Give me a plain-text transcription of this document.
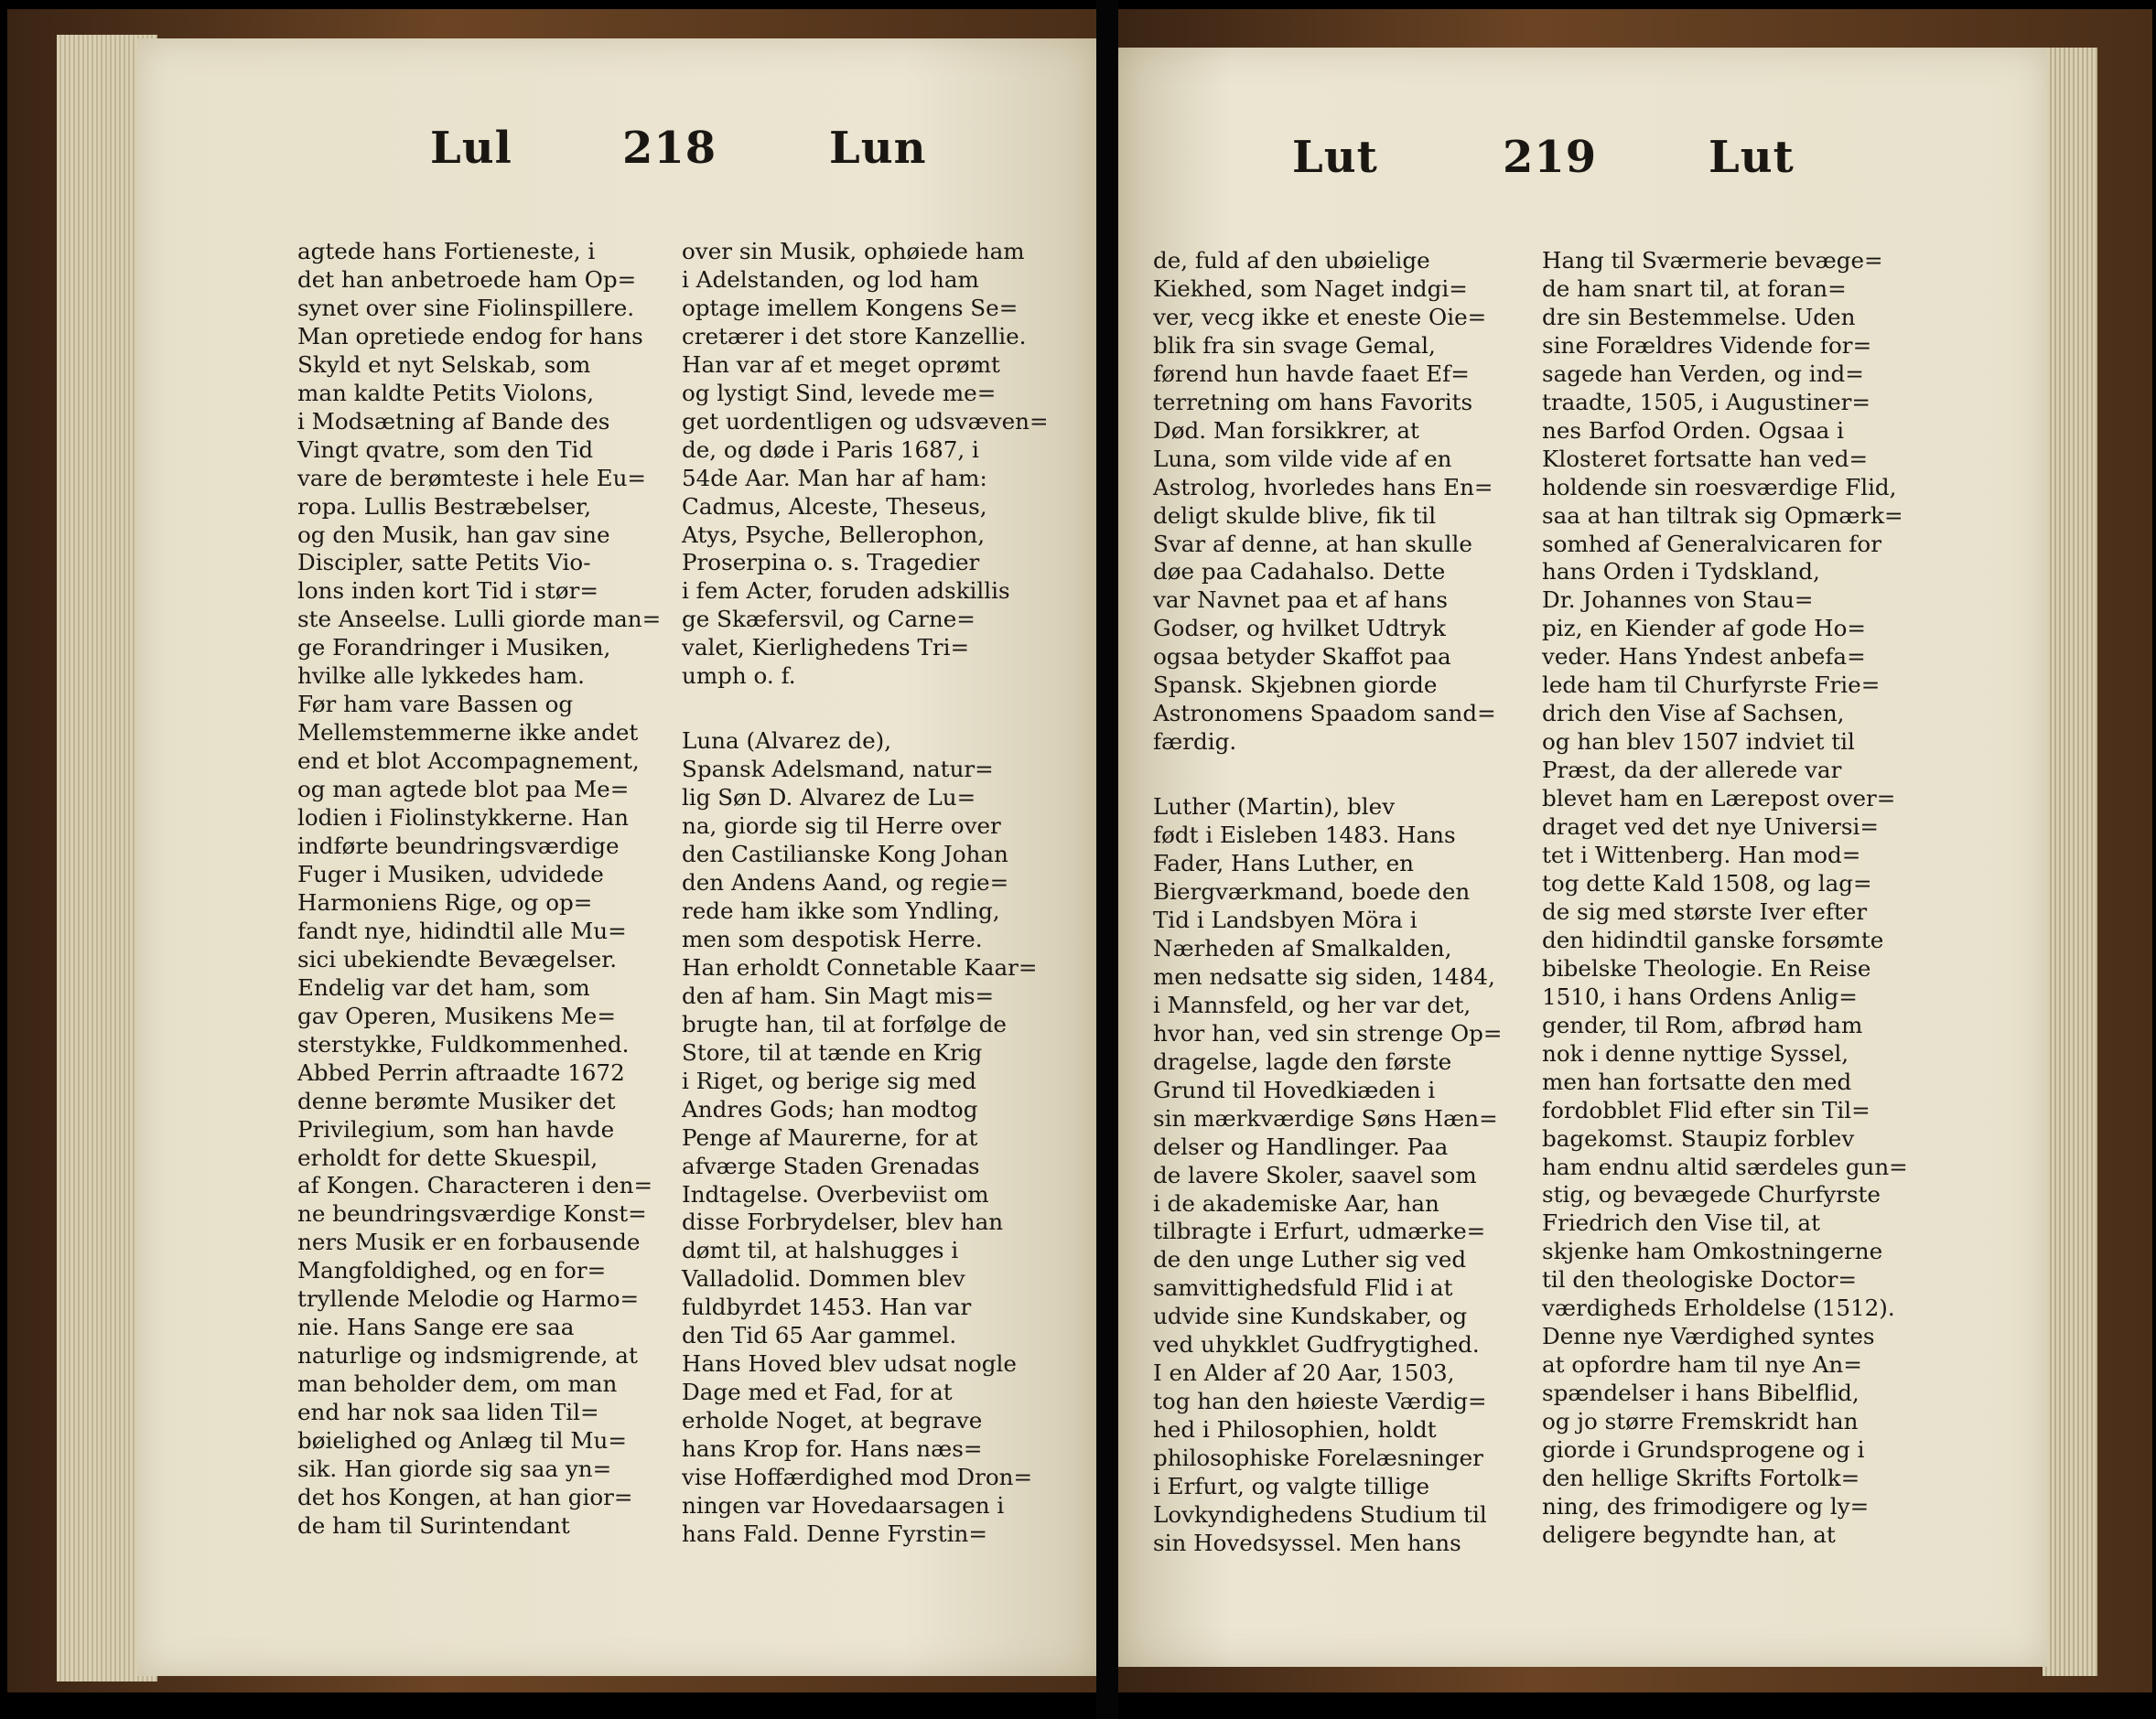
Lul	218	Lun

agtede hans Fortieneste, i

det han anbetroede ham Op=

synet over sine Fiolinspillere.

Man opretiede endog for hans

Skyld et nyt Selskab, som

man kaldte Petits Violons,

i Modsætning af Bande des

Vingt qvatre, som den Tid

vare de berømteste i hele Eu=

ropa. Lullis Bestræbelser,

og den Musik, han gav sine

Discipler, satte Petits Vio-

lons inden kort Tid i stør=

ste Anseelse. Lulli giorde man=

ge Forandringer i Musiken,

hvilke alle lykkedes ham.

Før ham vare Bassen og

Mellemstemmerne ikke andet

end et blot Accompagnement,

og man agtede blot paa Me=

lodien i Fiolinstykkerne. Han

indførte beundringsværdige

Fuger i Musiken, udvidede

Harmoniens Rige, og op=

fandt nye, hidindtil alle Mu=

sici ubekiendte Bevægelser.

Endelig var det ham, som

gav Operen, Musikens Me=

sterstykke, Fuldkommenhed.

Abbed Perrin aftraadte 1672

denne berømte Musiker det

Privilegium, som han havde

erholdt for dette Skuespil,

af Kongen. Characteren i den=

ne beundringsværdige Konst=

ners Musik er en forbausende

Mangfoldighed, og en for=

tryllende Melodie og Harmo=

nie. Hans Sange ere saa

naturlige og indsmigrende, at

man beholder dem, om man

end har nok saa liden Til=

bøielighed og Anlæg til Mu=

sik. Han giorde sig saa yn=

det hos Kongen, at han gior=

de ham til Surintendant

over sin Musik, ophøiede ham

i Adelstanden, og lod ham

optage imellem Kongens Se=

cretærer i det store Kanzellie.

Han var af et meget oprømt

og lystigt Sind, levede me=

get uordentligen og udsvæven=

de, og døde i Paris 1687, i

54de Aar. Man har af ham:

Cadmus, Alceste, Theseus,

Atys, Psyche, Bellerophon,

Proserpina o. s. Tragedier

i fem Acter, foruden adskillis

ge Skæfersvil, og Carne=

valet, Kierlighedens Tri=

umph o. f.

Luna (Alvarez de),

Spansk Adelsmand, natur=

lig Søn D. Alvarez de Lu=

na, giorde sig til Herre over

den Castilianske Kong Johan

den Andens Aand, og regie=

rede ham ikke som Yndling,

men som despotisk Herre.

Han erholdt Connetable Kaar=

den af ham. Sin Magt mis=

brugte han, til at forfølge de

Store, til at tænde en Krig

i Riget, og berige sig med

Andres Gods; han modtog

Penge af Maurerne, for at

afværge Staden Grenadas

Indtagelse. Overbeviist om

disse Forbrydelser, blev han

dømt til, at halshugges i

Valladolid. Dommen blev

fuldbyrdet 1453. Han var

den Tid 65 Aar gammel.

Hans Hoved blev udsat nogle

Dage med et Fad, for at

erholde Noget, at begrave

hans Krop for. Hans næs=

vise Hoffærdighed mod Dron=

ningen var Hovedaarsagen i

hans Fald. Denne Fyrstin=

Lut	219	Lut

de, fuld af den ubøielige

Kiekhed, som Naget indgi=

ver, vecg ikke et eneste Oie=

blik fra sin svage Gemal,

førend hun havde faaet Ef=

terretning om hans Favorits

Død. Man forsikkrer, at

Luna, som vilde vide af en

Astrolog, hvorledes hans En=

deligt skulde blive, fik til

Svar af denne, at han skulle

døe paa Cadahalso. Dette

var Navnet paa et af hans

Godser, og hvilket Udtryk

ogsaa betyder Skaffot paa

Spansk. Skjebnen giorde

Astronomens Spaadom sand=

færdig.

Luther (Martin), blev

født i Eisleben 1483. Hans

Fader, Hans Luther, en

Biergværkmand, boede den

Tid i Landsbyen Möra i

Nærheden af Smalkalden,

men nedsatte sig siden, 1484,

i Mannsfeld, og her var det,

hvor han, ved sin strenge Op=

dragelse, lagde den første

Grund til Hovedkiæden i

sin mærkværdige Søns Hæn=

delser og Handlinger. Paa

de lavere Skoler, saavel som

i de akademiske Aar, han

tilbragte i Erfurt, udmærke=

de den unge Luther sig ved

samvittighedsfuld Flid i at

udvide sine Kundskaber, og

ved uhykklet Gudfrygtighed.

I en Alder af 20 Aar, 1503,

tog han den høieste Værdig=

hed i Philosophien, holdt

philosophiske Forelæsninger

i Erfurt, og valgte tillige

Lovkyndighedens Studium til

sin Hovedsyssel. Men hans

Hang til Sværmerie bevæge=

de ham snart til, at foran=

dre sin Bestemmelse. Uden

sine Forældres Vidende for=

sagede han Verden, og ind=

traadte, 1505, i Augustiner=

nes Barfod Orden. Ogsaa i

Klosteret fortsatte han ved=

holdende sin roesværdige Flid,

saa at han tiltrak sig Opmærk=

somhed af Generalvicaren for

hans Orden i Tydskland,

Dr. Johannes von Stau=

piz, en Kiender af gode Ho=

veder. Hans Yndest anbefa=

lede ham til Churfyrste Frie=

drich den Vise af Sachsen,

og han blev 1507 indviet til

Præst, da der allerede var

blevet ham en Lærepost over=

draget ved det nye Universi=

tet i Wittenberg. Han mod=

tog dette Kald 1508, og lag=

de sig med største Iver efter

den hidindtil ganske forsømte

bibelske Theologie. En Reise

1510, i hans Ordens Anlig=

gender, til Rom, afbrød ham

nok i denne nyttige Syssel,

men han fortsatte den med

fordobblet Flid efter sin Til=

bagekomst. Staupiz forblev

ham endnu altid særdeles gun=

stig, og bevægede Churfyrste

Friedrich den Vise til, at

skjenke ham Omkostningerne

til den theologiske Doctor=

værdigheds Erholdelse (1512).

Denne nye Værdighed syntes

at opfordre ham til nye An=

spændelser i hans Bibelflid,

og jo større Fremskridt han

giorde i Grundsprogene og i

den hellige Skrifts Fortolk=

ning, des frimodigere og ly=

deligere begyndte han, at
